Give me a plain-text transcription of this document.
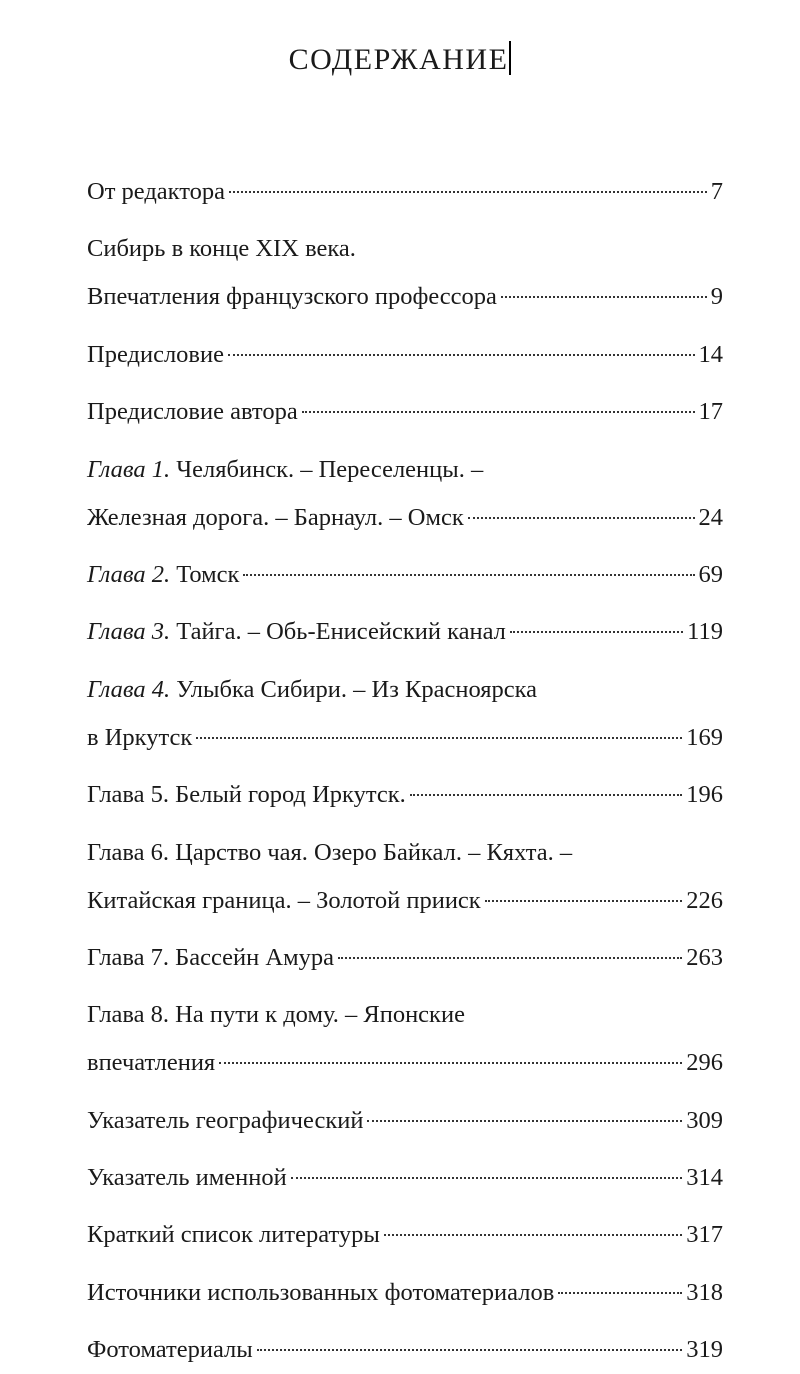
СОДЕРЖАНИЕ
От редактора	7
Сибирь в конце XIX века.
Впечатления французского профессора	9
Предисловие	14
Предисловие автора	17
Глава 1. Челябинск. – Переселенцы. –
Железная дорога. – Барнаул. – Омск	24
Глава 2. Томск	69
Глава 3. Тайга. – Обь-Енисейский канал	119
Глава 4. Улыбка Сибири. – Из Красноярска
в Иркутск	169
Глава 5. Белый город Иркутск.	196
Глава 6. Царство чая. Озеро Байкал. – Кяхта. –
Китайская граница. – Золотой прииск	226
Глава 7. Бассейн Амура	263
Глава 8. На пути к дому. – Японские
впечатления	296
Указатель географический	309
Указатель именной	314
Краткий список литературы	317
Источники использованных фотоматериалов	318
Фотоматериалы	319
